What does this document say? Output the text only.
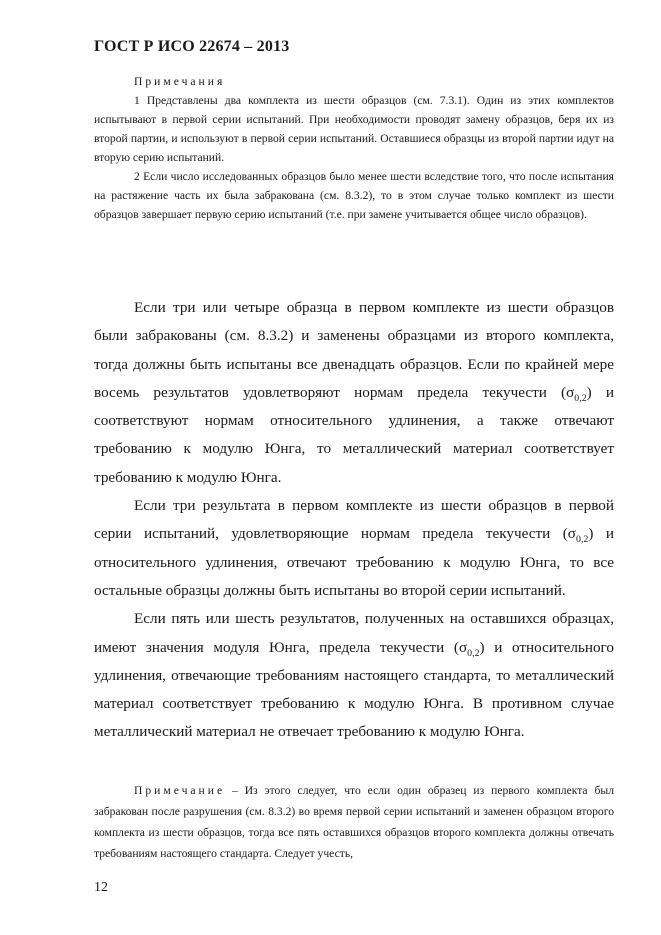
ГОСТ Р ИСО 22674 – 2013

Примечания

1 Представлены два комплекта из шести образцов (см. 7.3.1). Один из этих комплектов испытывают в первой серии испытаний. При необходимости проводят замену образцов, беря их из второй партии, и используют в первой серии испытаний. Оставшиеся образцы из второй партии идут на вторую серию испытаний.

2 Если число исследованных образцов было менее шести вследствие того, что после испытания на растяжение часть их была забракована (см. 8.3.2), то в этом случае только комплект из шести образцов завершает первую серию испытаний (т.е. при замене учитывается общее число образцов).

Если три или четыре образца в первом комплекте из шести образцов были забракованы (см. 8.3.2) и заменены образцами из второго комплекта, тогда должны быть испытаны все двенадцать образцов. Если по крайней мере восемь результатов удовлетворяют нормам предела текучести $(\sigma_{0,2})$ и соответствуют нормам относительного удлинения, а также отвечают требованию к модулю Юнга, то металлический материал соответствует требованию к модулю Юнга.

Если три результата в первом комплекте из шести образцов в первой серии испытаний, удовлетворяющие нормам предела текучести $(\sigma_{0,2})$ и относительного удлинения, отвечают требованию к модулю Юнга, то все остальные образцы должны быть испытаны во второй серии испытаний.

Если пять или шесть результатов, полученных на оставшихся образцах, имеют значения модуля Юнга, предела текучести $(\sigma_{0,2})$ и относительного удлинения, отвечающие требованиям настоящего стандарта, то металлический материал соответствует требованию к модулю Юнга. В противном случае металлический материал не отвечает требованию к модулю Юнга.

Примечание – Из этого следует, что если один образец из первого комплекта был забракован после разрушения (см. 8.3.2) во время первой серии испытаний и заменен образцом второго комплекта из шести образцов, тогда все пять оставшихся образцов второго комплекта должны отвечать требованиям настоящего стандарта. Следует учесть,

12
